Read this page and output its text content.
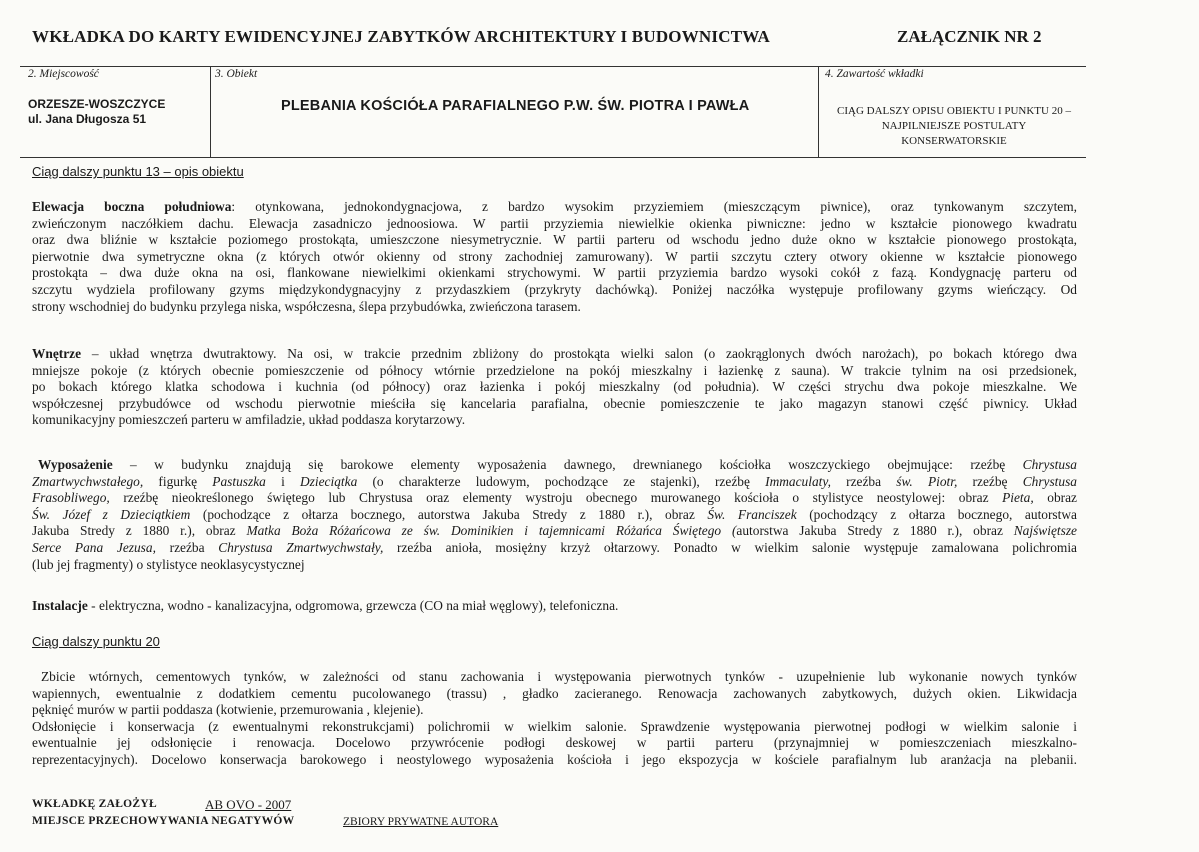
WKŁADKA DO KARTY EWIDENCYJNEJ ZABYTKÓW ARCHITEKTURY I BUDOWNICTWA	ZAŁĄCZNIK NR 2
2. Miejscowość
ORZESZE-WOSZCZYCE
ul. Jana Długosza 51
3. Obiekt
PLEBANIA KOŚCIÓŁA PARAFIALNEGO P.W. ŚW. PIOTRA I PAWŁA
4. Zawartość wkładki
CIĄG DALSZY OPISU OBIEKTU I PUNKTU 20 –
NAJPILNIEJSZE POSTULATY
KONSERWATORSKIE
Ciąg dalszy punktu 13 – opis obiektu
Elewacja boczna południowa: otynkowana, jednokondygnacjowa, z bardzo wysokim przyziemiem (mieszczącym piwnice), oraz tynkowanym szczytem,
zwieńczonym naczółkiem dachu. Elewacja zasadniczo jednoosiowa. W partii przyziemia niewielkie okienka piwniczne: jedno w kształcie pionowego kwadratu
oraz dwa bliźnie w kształcie poziomego prostokąta, umieszczone niesymetrycznie. W partii parteru od wschodu jedno duże okno w kształcie pionowego prostokąta,
pierwotnie dwa symetryczne okna (z których otwór okienny od strony zachodniej zamurowany). W partii szczytu cztery otwory okienne w kształcie pionowego
prostokąta – dwa duże okna na osi, flankowane niewielkimi okienkami strychowymi. W partii przyziemia bardzo wysoki cokół z fazą. Kondygnację parteru od
szczytu wydziela profilowany gzyms międzykondygnacyjny z przydaszkiem (przykryty dachówką). Poniżej naczółka występuje profilowany gzyms wieńczący. Od
strony wschodniej do budynku przylega niska, współczesna, ślepa przybudówka, zwieńczona tarasem.
Wnętrze – układ wnętrza dwutraktowy. Na osi, w trakcie przednim zbliżony do prostokąta wielki salon (o zaokrąglonych dwóch narożach), po bokach którego dwa
mniejsze pokoje (z których obecnie pomieszczenie od północy wtórnie przedzielone na pokój mieszkalny i łazienkę z sauna). W trakcie tylnim na osi przedsionek,
po bokach którego klatka schodowa i kuchnia (od północy) oraz łazienka i pokój mieszkalny (od południa). W części strychu dwa pokoje mieszkalne. We
współczesnej przybudówce od wschodu pierwotnie mieściła się kancelaria parafialna, obecnie pomieszczenie te jako magazyn stanowi część piwnicy. Układ
komunikacyjny pomieszczeń parteru w amfiladzie, układ poddasza korytarzowy.
Wyposażenie – w budynku znajdują się barokowe elementy wyposażenia dawnego, drewnianego kościołka woszczyckiego obejmujące: rzeźbę Chrystusa
Zmartwychwstałego, figurkę Pastuszka i Dzieciątka (o charakterze ludowym, pochodzące ze stajenki), rzeźbę Immaculaty, rzeźba św. Piotr, rzeźbę Chrystusa
Frasobliwego, rzeźbę nieokreślonego świętego lub Chrystusa oraz elementy wystroju obecnego murowanego kościoła o stylistyce neostylowej: obraz Pieta, obraz
Św. Józef z Dzieciątkiem (pochodzące z ołtarza bocznego, autorstwa Jakuba Stredy z 1880 r.), obraz Św. Franciszek (pochodzący z ołtarza bocznego, autorstwa
Jakuba Stredy z 1880 r.), obraz Matka Boża Różańcowa ze św. Dominikien i tajemnicami Różańca Świętego (autorstwa Jakuba Stredy z 1880 r.), obraz Najświętsze
Serce Pana Jezusa, rzeźba Chrystusa Zmartwychwstały, rzeźba anioła, mosiężny krzyż ołtarzowy. Ponadto w wielkim salonie występuje zamalowana polichromia
(lub jej fragmenty) o stylistyce neoklasycystycznej
Instalacje - elektryczna, wodno - kanalizacyjna, odgromowa, grzewcza (CO na miał węglowy), telefoniczna.
Ciąg dalszy punktu 20
Zbicie wtórnych, cementowych tynków, w zależności od stanu zachowania i występowania pierwotnych tynków - uzupełnienie lub wykonanie nowych tynków
wapiennych, ewentualnie z dodatkiem cementu pucolowanego (trassu) , gładko zacieranego. Renowacja zachowanych zabytkowych, dużych okien. Likwidacja
pęknięć murów w partii poddasza (kotwienie, przemurowania , klejenie).
Odsłonięcie i konserwacja (z ewentualnymi rekonstrukcjami) polichromii w wielkim salonie. Sprawdzenie występowania pierwotnej podłogi w wielkim salonie i
ewentualnie jej odsłonięcie i renowacja. Docelowo przywrócenie podłogi deskowej w partii parteru (przynajmniej w pomieszczeniach mieszkalno-
reprezentacyjnych). Docelowo konserwacja barokowego i neostylowego wyposażenia kościoła i jego ekspozycja w kościele parafialnym lub aranżacja na plebanii.
WKŁADKĘ ZAŁOŻYŁ	AB OVO - 2007
MIEJSCE PRZECHOWYWANIA NEGATYWÓW	ZBIORY PRYWATNE AUTORA
